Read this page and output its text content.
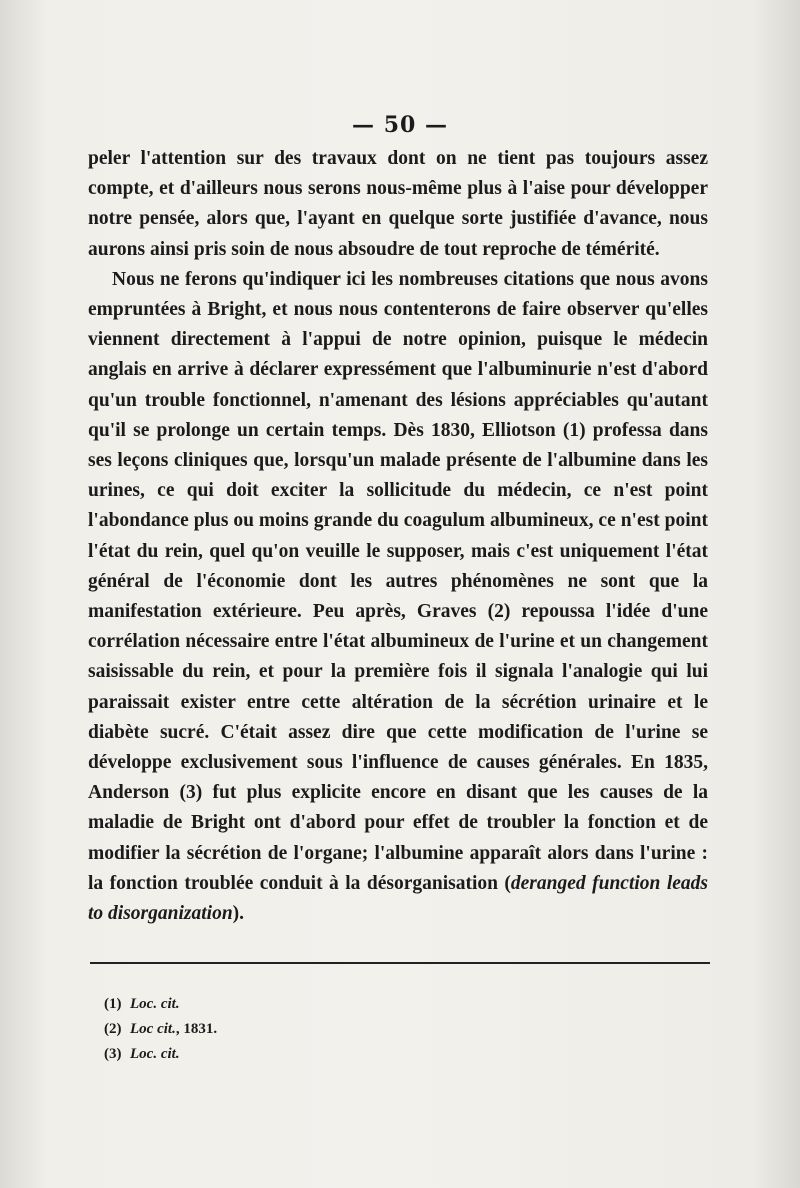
— 50 —

peler l'attention sur des travaux dont on ne tient pas toujours assez compte, et d'ailleurs nous serons nous-même plus à l'aise pour développer notre pensée, alors que, l'ayant en quelque sorte justifiée d'avance, nous aurons ainsi pris soin de nous absoudre de tout reproche de témérité.

Nous ne ferons qu'indiquer ici les nombreuses citations que nous avons empruntées à Bright, et nous nous contenterons de faire observer qu'elles viennent directement à l'appui de notre opinion, puisque le médecin anglais en arrive à déclarer expressément que l'albuminurie n'est d'abord qu'un trouble fonctionnel, n'amenant des lésions appréciables qu'autant qu'il se prolonge un certain temps. Dès 1830, Elliotson (1) professa dans ses leçons cliniques que, lorsqu'un malade présente de l'albumine dans les urines, ce qui doit exciter la sollicitude du médecin, ce n'est point l'abondance plus ou moins grande du coagulum albumineux, ce n'est point l'état du rein, quel qu'on veuille le supposer, mais c'est uniquement l'état général de l'économie dont les autres phénomènes ne sont que la manifestation extérieure. Peu après, Graves (2) repoussa l'idée d'une corrélation nécessaire entre l'état albumineux de l'urine et un changement saisissable du rein, et pour la première fois il signala l'analogie qui lui paraissait exister entre cette altération de la sécrétion urinaire et le diabète sucré. C'était assez dire que cette modification de l'urine se développe exclusivement sous l'influence de causes générales. En 1835, Anderson (3) fut plus explicite encore en disant que les causes de la maladie de Bright ont d'abord pour effet de troubler la fonction et de modifier la sécrétion de l'organe; l'albumine apparaît alors dans l'urine : la fonction troublée conduit à la désorganisation (deranged function leads to disorganization).

(1) Loc. cit.
(2) Loc cit., 1831.
(3) Loc. cit.
